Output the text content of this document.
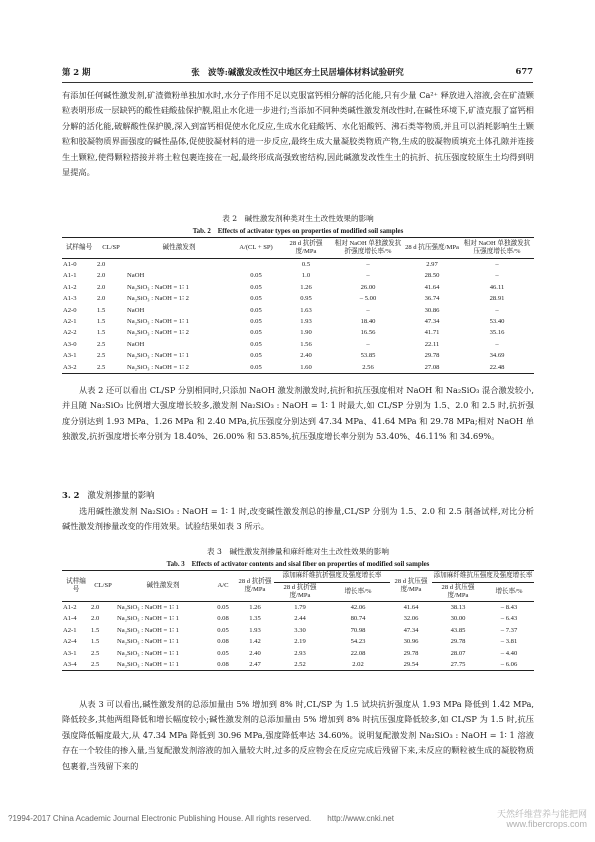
第 2 期	张　波等:碱激发改性汉中地区夯土民居墙体材料试验研究	677

有添加任何碱性激发剂,矿渣微粉单独加水时,水分子作用不足以克服富钙相分解的活化能,只有少量 Ca²⁺ 释放进入溶液,会在矿渣颗粒表明形成一层缺钙的酸性硅酸盐保护膜,阻止水化进一步进行;当添加不同种类碱性激发剂改性时,在碱性环境下,矿渣克服了富钙相分解的活化能,破解酸性保护膜,深入到富钙相促使水化反应,生成水化硅酸钙、水化铝酸钙、沸石类等物质,并且可以消耗影响生土颗粒和胶凝物质界面强度的碱性晶体,促使胶凝材料的进一步反应,最终生成大量凝胶类物质产物,生成的胶凝物质填充土体孔隙并连接生土颗粒,使得颗粒搭接并将土粒包裹连接在一起,最终形成高强致密结构,因此碱激发改性生土的抗折、抗压强度较原生土均得到明显提高。

表 2　碱性激发剂种类对生土改性效果的影响
Tab. 2　Effects of activator types on properties of modified soil samples
试样编号	CL/SP	碱性激发剂	A/(CL + SP)	28 d 抗折强度/MPa	相对 NaOH 单独激发抗折强度增长率/%	28 d 抗压强度/MPa	相对 NaOH 单独激发抗压强度增长率/%
A1-0	2.0			0.5	–	2.97	–
A1-1	2.0	NaOH	0.05	1.0	–	28.50	–
A1-2	2.0	Na₂SiO₃ : NaOH = 1∶ 1	0.05	1.26	26.00	41.64	46.11
A1-3	2.0	Na₂SiO₃ : NaOH = 1∶ 2	0.05	0.95	– 5.00	36.74	28.91
A2-0	1.5	NaOH	0.05	1.63	–	30.86	–
A2-1	1.5	Na₂SiO₃ : NaOH = 1∶ 1	0.05	1.93	18.40	47.34	53.40
A2-2	1.5	Na₂SiO₃ : NaOH = 1∶ 2	0.05	1.90	16.56	41.71	35.16
A3-0	2.5	NaOH	0.05	1.56	–	22.11	–
A3-1	2.5	Na₂SiO₃ : NaOH = 1∶ 1	0.05	2.40	53.85	29.78	34.69
A3-2	2.5	Na₂SiO₃ : NaOH = 1∶ 2	0.05	1.60	2.56	27.08	22.48

从表 2 还可以看出 CL/SP 分别相同时,只添加 NaOH 激发剂激发时,抗折和抗压强度相对 NaOH 和 Na₂SiO₃ 混合激发较小,并且随 Na₂SiO₃ 比例增大强度增长较多,激发剂 Na₂SiO₃ : NaOH = 1∶ 1 时最大,如 CL/SP 分别为 1.5、2.0 和 2.5 时,抗折强度分别达到 1.93 MPa、1.26 MPa 和 2.40 MPa,抗压强度分别达到 47.34 MPa、41.64 MPa 和 29.78 MPa;相对 NaOH 单独激发,抗折强度增长率分别为 18.40%、26.00% 和 53.85%,抗压强度增长率分别为 53.40%、46.11% 和 34.69%。

3. 2 激发剂掺量的影响

选用碱性激发剂 Na₂SiO₃ : NaOH = 1∶ 1 时,改变碱性激发剂总的掺量,CL/SP 分别为 1.5、2.0 和 2.5 制备试样,对比分析碱性激发剂掺量改变的作用效果。试验结果如表 3 所示。

表 3　碱性激发剂掺量和麻纤维对生土改性效果的影响
Tab. 3　Effects of activator contents and sisal fiber on properties of modified soil samples
试样编号	CL/SP	碱性激发剂	A/C	28 d 抗折强度/MPa	添加麻纤维抗折强度及强度增长率		28 d 抗压强度/MPa	添加麻纤维抗压强度及强度增长率	
					28 d 抗折强度/MPa	增长率/%		28 d 抗压强度/MPa	增长率/%
A1-2	2.0	Na₂SiO₃ : NaOH = 1∶ 1	0.05	1.26	1.79	42.06	41.64	38.13	– 8.43
A1-4	2.0	Na₂SiO₃ : NaOH = 1∶ 1	0.08	1.35	2.44	80.74	32.06	30.00	– 6.43
A2-1	1.5	Na₂SiO₃ : NaOH = 1∶ 1	0.05	1.93	3.30	70.98	47.34	43.85	– 7.37
A2-4	1.5	Na₂SiO₃ : NaOH = 1∶ 1	0.08	1.42	2.19	54.23	30.96	29.78	– 3.81
A3-1	2.5	Na₂SiO₃ : NaOH = 1∶ 1	0.05	2.40	2.93	22.08	29.78	28.07	– 4.40
A3-4	2.5	Na₂SiO₃ : NaOH = 1∶ 1	0.08	2.47	2.52	2.02	29.54	27.75	– 6.06

从表 3 可以看出,碱性激发剂的总添加量由 5% 增加到 8% 时,CL/SP 为 1.5 试块抗折强度从 1.93 MPa 降低到 1.42 MPa,降低较多,其他两组降低和增长幅度较小;碱性激发剂的总添加量由 5% 增加到 8% 时抗压强度降低较多,如 CL/SP 为 1.5 时,抗压强度降低幅度最大,从 47.34 MPa 降低到 30.96 MPa,强度降低率达 34.60%。说明复配激发剂 Na₂SiO₃ : NaOH = 1∶ 1 溶液存在一个较佳的掺入量,当复配激发剂溶液的加入量较大时,过多的反应物会在反应完成后残留下来,未反应的颗粒被生成的凝胶物质包裹着,当残留下来的

?1994-2017 China Academic Journal Electronic Publishing House. All rights reserved.　　http://www.cnki.net	天然纤维营养与能把网
www.fibercrops.com
